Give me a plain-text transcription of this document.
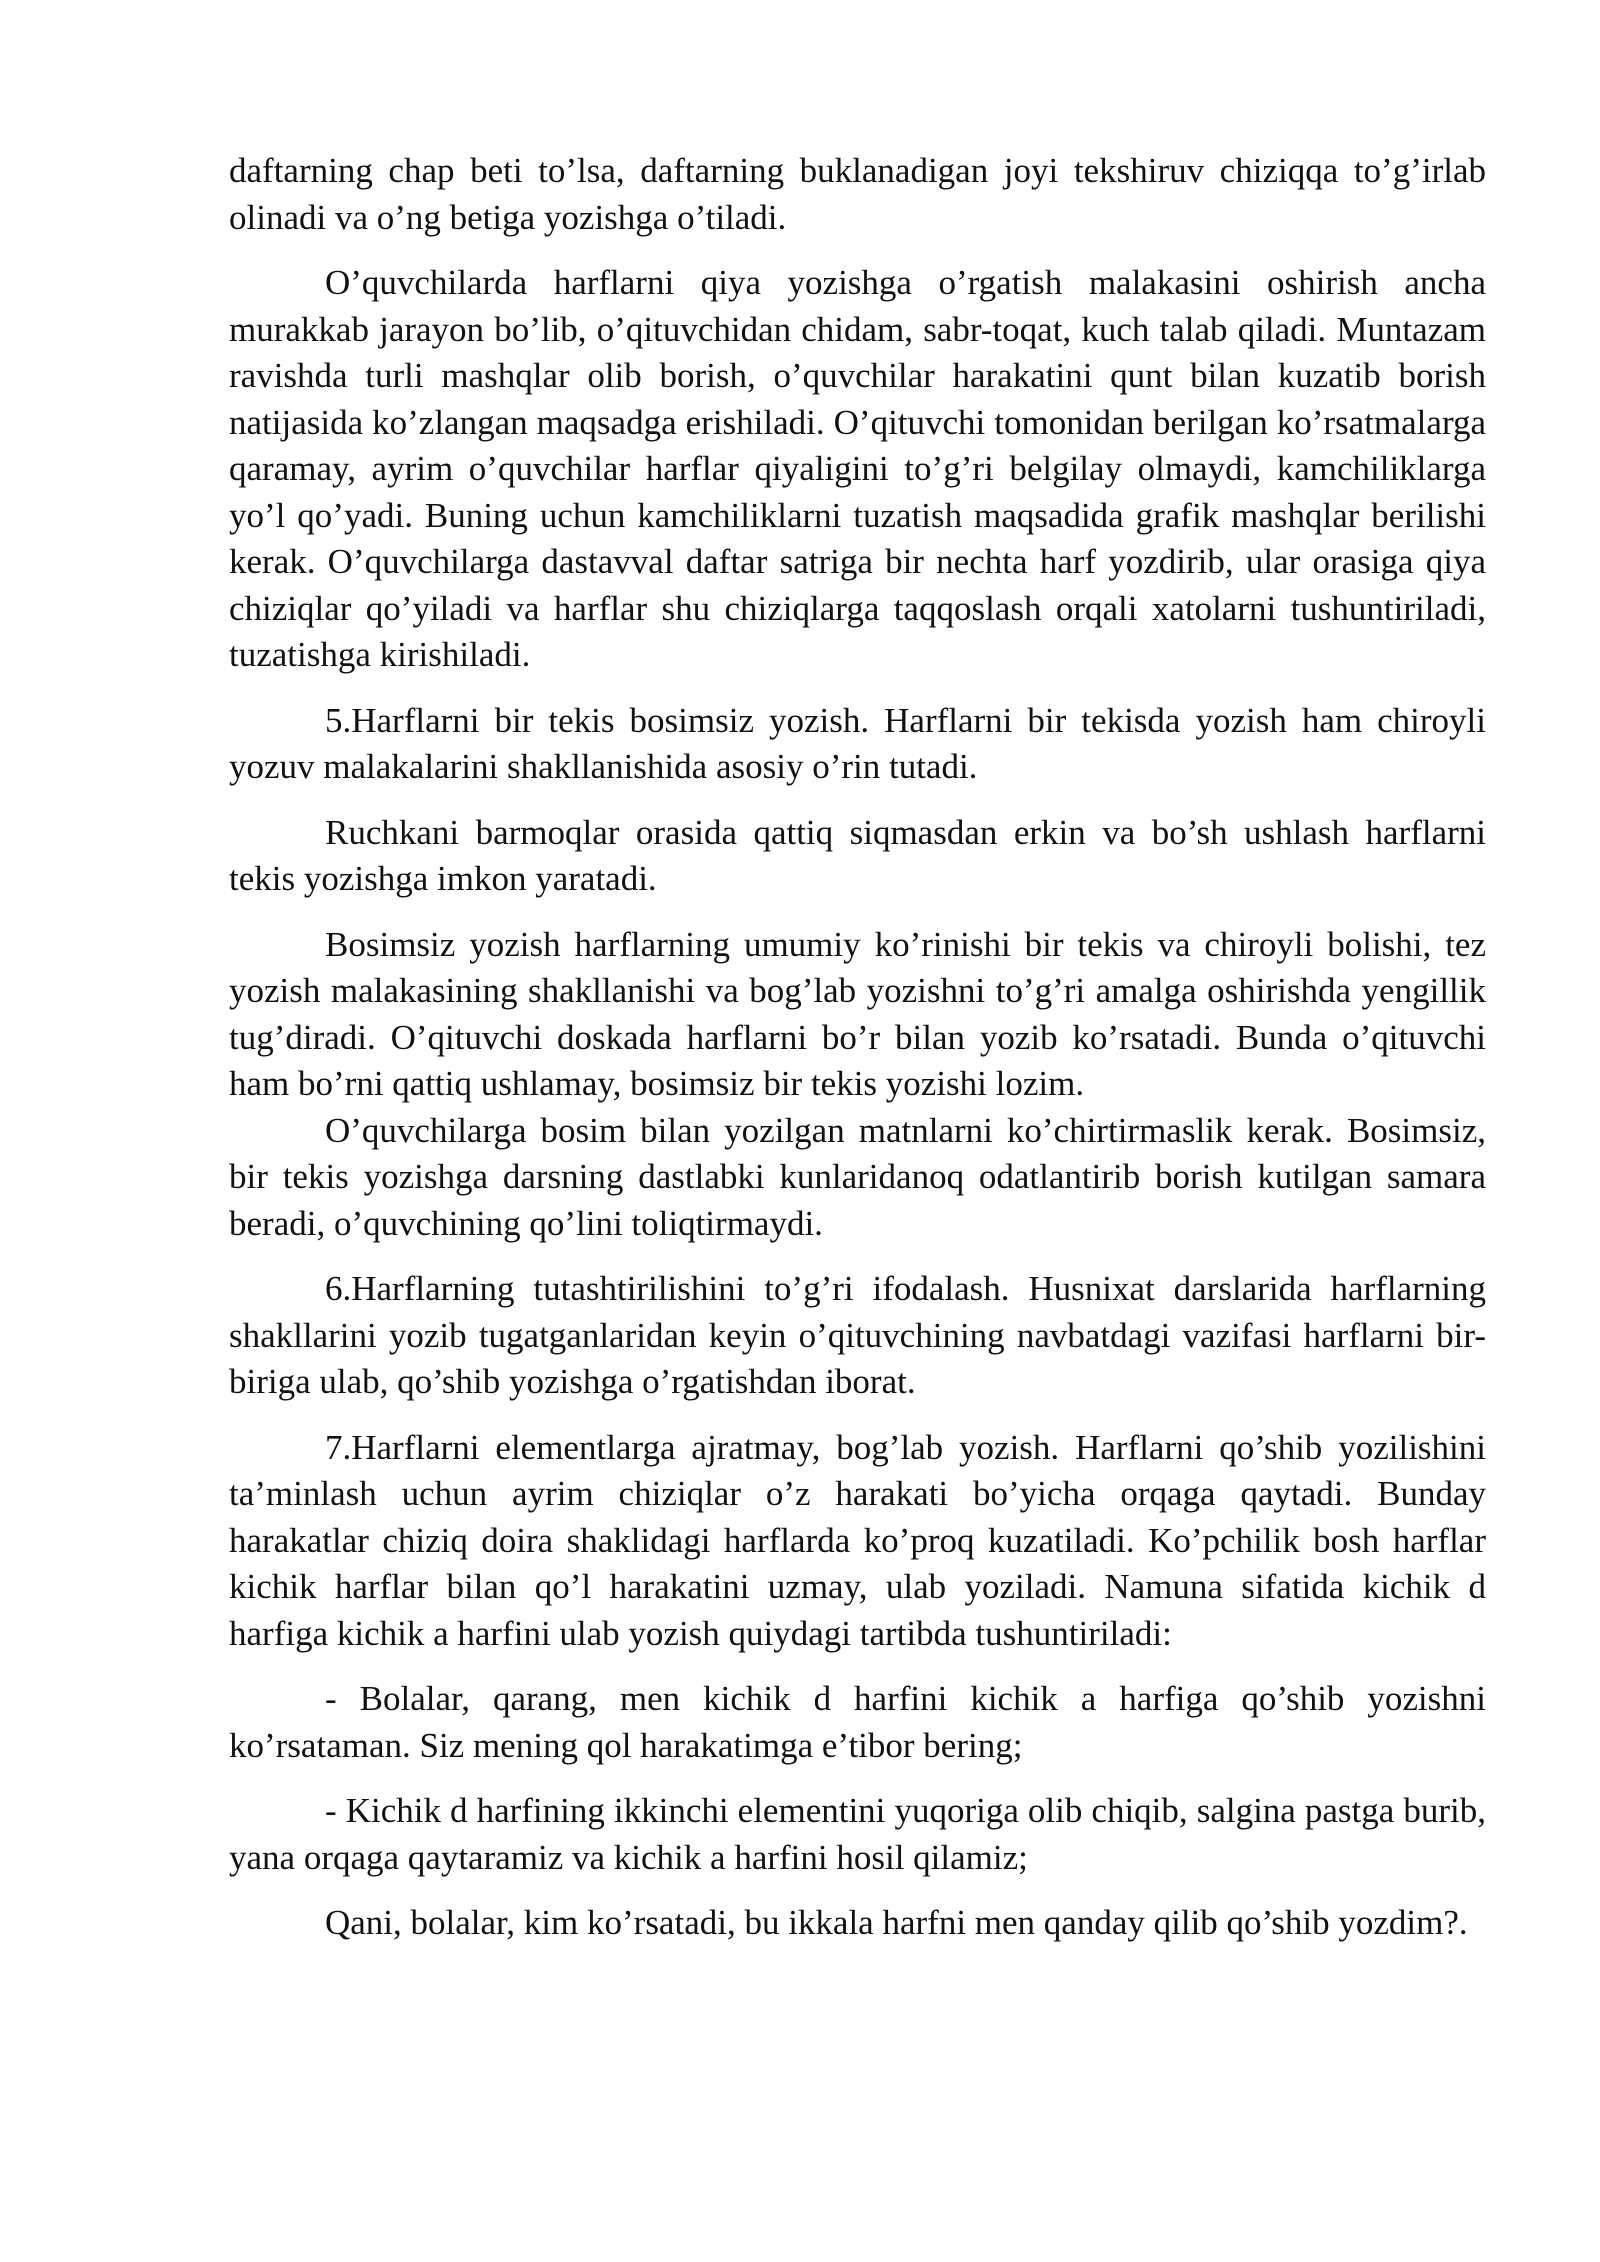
daftarning chap beti to’lsa, daftarning buklanadigan joyi tekshiruv chiziqqa to’g’irlab olinadi va o’ng betiga yozishga o’tiladi.

O’quvchilarda harflarni qiya yozishga o’rgatish malakasini oshirish ancha murakkab jarayon bo’lib, o’qituvchidan chidam, sabr-toqat, kuch talab qiladi. Muntazam ravishda turli mashqlar olib borish, o’quvchilar harakatini qunt bilan kuzatib borish natijasida ko’zlangan maqsadga erishiladi. O’qituvchi tomonidan berilgan ko’rsatmalarga qaramay, ayrim o’quvchilar harflar qiyaligini to’g’ri belgilay olmaydi, kamchiliklarga yo’l qo’yadi. Buning uchun kamchiliklarni tuzatish maqsadida grafik mashqlar berilishi kerak. O’quvchilarga dastavval daftar satriga bir nechta harf yozdirib, ular orasiga qiya chiziqlar qo’yiladi va harflar shu chiziqlarga taqqoslash orqali xatolarni tushuntiriladi, tuzatishga kirishiladi.

5.Harflarni bir tekis bosimsiz yozish. Harflarni bir tekisda yozish ham chiroyli yozuv malakalarini shakllanishida asosiy o’rin tutadi.

Ruchkani barmoqlar orasida qattiq siqmasdan erkin va bo’sh ushlash harflarni tekis yozishga imkon yaratadi.

Bosimsiz yozish harflarning umumiy ko’rinishi bir tekis va chiroyli bolishi, tez yozish malakasining shakllanishi va bog’lab yozishni to’g’ri amalga oshirishda yengillik tug’diradi. O’qituvchi doskada harflarni bo’r bilan yozib ko’rsatadi. Bunda o’qituvchi ham bo’rni qattiq ushlamay, bosimsiz bir tekis yozishi lozim.

O’quvchilarga bosim bilan yozilgan matnlarni ko’chirtirmaslik kerak. Bosimsiz, bir tekis yozishga darsning dastlabki kunlaridanoq odatlantirib borish kutilgan samara beradi, o’quvchining qo’lini toliqtirmaydi.

6.Harflarning tutashtirilishini to’g’ri ifodalash. Husnixat darslarida harflarning shakllarini yozib tugatganlaridan keyin o’qituvchining navbatdagi vazifasi harflarni bir-biriga ulab, qo’shib yozishga o’rgatishdan iborat.

7.Harflarni elementlarga ajratmay, bog’lab yozish. Harflarni qo’shib yozilishini ta’minlash uchun ayrim chiziqlar o’z harakati bo’yicha orqaga qaytadi. Bunday harakatlar chiziq doira shaklidagi harflarda ko’proq kuzatiladi. Ko’pchilik bosh harflar kichik harflar bilan qo’l harakatini uzmay, ulab yoziladi. Namuna sifatida kichik d harfiga kichik a harfini ulab yozish quiydagi tartibda tushuntiriladi:

- Bolalar, qarang, men kichik d harfini kichik a harfiga qo’shib yozishni ko’rsataman. Siz mening qol harakatimga e’tibor bering;

- Kichik d harfining ikkinchi elementini yuqoriga olib chiqib, salgina pastga burib, yana orqaga qaytaramiz va kichik a harfini hosil qilamiz;

Qani, bolalar, kim ko’rsatadi, bu ikkala harfni men qanday qilib qo’shib yozdim?.
